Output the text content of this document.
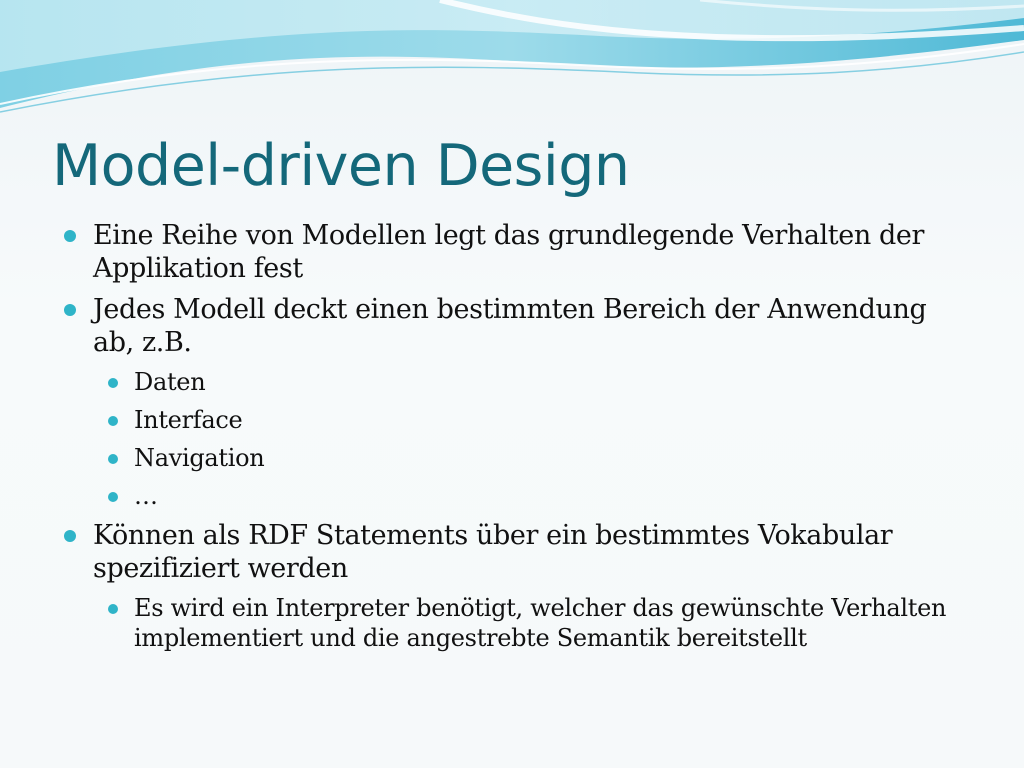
Model-driven Design
Eine Reihe von Modellen legt das grundlegende Verhalten der Applikation fest
Jedes Modell deckt einen bestimmten Bereich der Anwendung ab, z.B.
Daten
Interface
Navigation
…
Können als RDF Statements über ein bestimmtes Vokabular spezifiziert werden
Es wird ein Interpreter benötigt, welcher das gewünschte Verhalten implementiert und die angestrebte Semantik bereitstellt
